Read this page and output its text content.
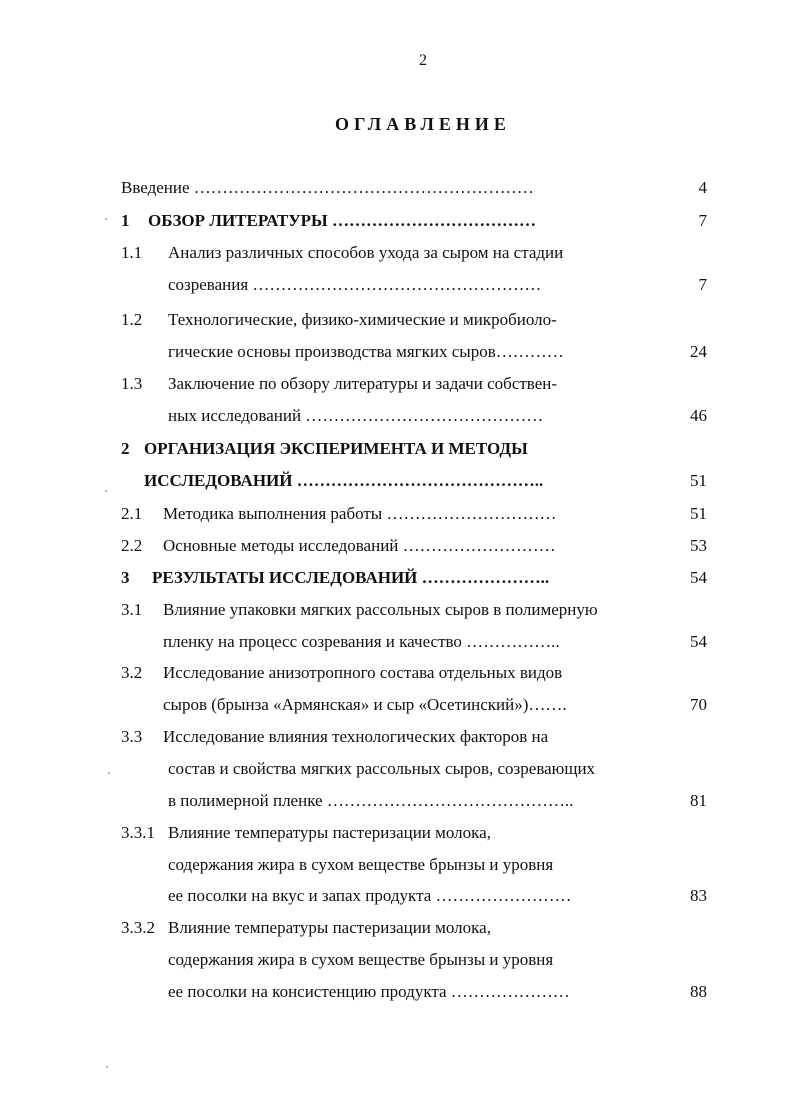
2
ОГЛАВЛЕНИЕ
Введение ……………………………………………………	4
1 ОБЗОР ЛИТЕРАТУРЫ ………………………………	7
1.1 Анализ различных способов ухода за сыром на стадии
созревания ……………………………………………	7
1.2 Технологические, физико-химические и микробиоло-
гические основы производства мягких сыров…………	24
1.3 Заключение по обзору литературы и задачи собствен-
ных исследований ……………………………………	46
2 ОРГАНИЗАЦИЯ ЭКСПЕРИМЕНТА И МЕТОДЫ
ИССЛЕДОВАНИЙ ……………………………………..	51
2.1 Методика выполнения работы …………………………	51
2.2 Основные методы исследований ………………………	53
3 РЕЗУЛЬТАТЫ ИССЛЕДОВАНИЙ …………………..	54
3.1 Влияние упаковки мягких рассольных сыров в полимерную
пленку на процесс созревания и качество ……………..	54
3.2 Исследование анизотропного состава отдельных видов
сыров (брынза «Армянская» и сыр «Осетинский»)…….	70
3.3 Исследование влияния технологических факторов на
состав и свойства мягких рассольных сыров, созревающих
в полимерной пленке ……………………………………..	81
3.3.1 Влияние температуры пастеризации молока,
содержания жира в сухом веществе брынзы и уровня
ее посолки на вкус и запах продукта ……………………	83
3.3.2 Влияние температуры пастеризации молока,
содержания жира в сухом веществе брынзы и уровня
ее посолки на консистенцию продукта …………………	88
